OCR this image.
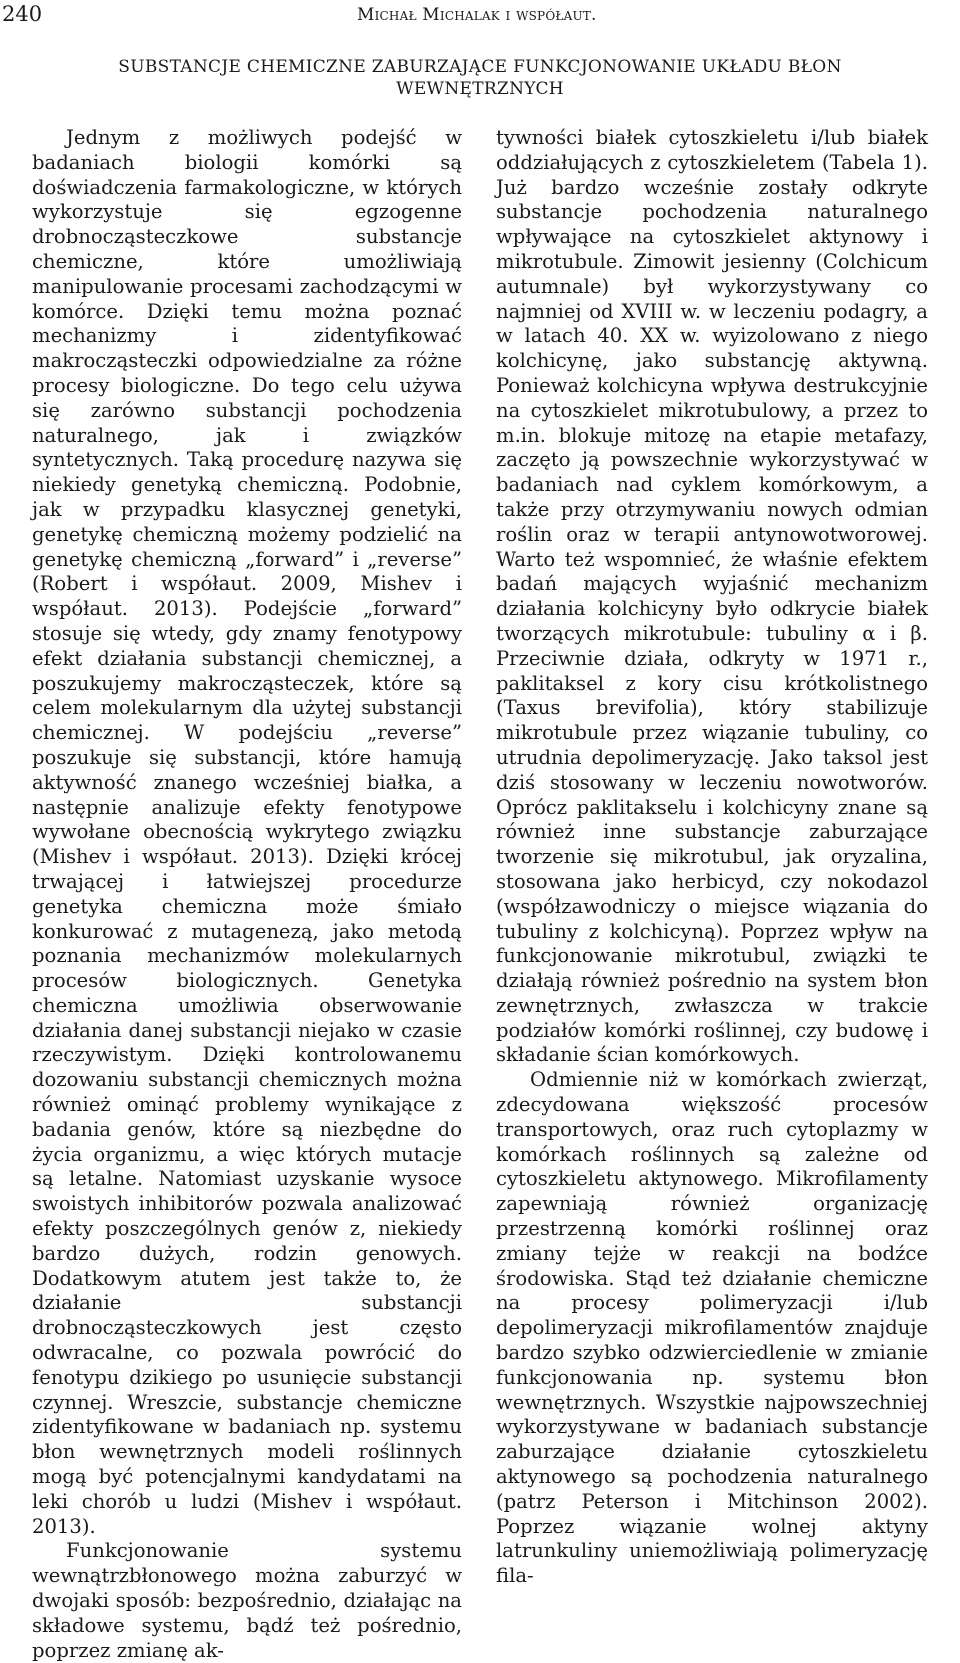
240	Michał Michalak i współaut.
SUBSTANCJE CHEMICZNE ZABURZAJĄCE FUNKCJONOWANIE UKŁADU BŁON
WEWNĘTRZNYCH

Jednym z możliwych podejść w badaniach biologii komórki są doświadczenia farmakologiczne, w których wykorzystuje się egzogenne drobnocząsteczkowe substancje chemiczne, które umożliwiają manipulowanie procesami zachodzącymi w komórce. Dzięki temu można poznać mechanizmy i zidentyfikować makrocząsteczki odpowiedzialne za różne procesy biologiczne. Do tego celu używa się zarówno substancji pochodzenia naturalnego, jak i związków syntetycznych. Taką procedurę nazywa się niekiedy genetyką chemiczną. Podobnie, jak w przypadku klasycznej genetyki, genetykę chemiczną możemy podzielić na genetykę chemiczną „forward” i „reverse” (Robert i współaut. 2009, Mishev i współaut. 2013). Podejście „forward” stosuje się wtedy, gdy znamy fenotypowy efekt działania substancji chemicznej, a poszukujemy makrocząsteczek, które są celem molekularnym dla użytej substancji chemicznej. W podejściu „reverse” poszukuje się substancji, które hamują aktywność znanego wcześniej białka, a następnie analizuje efekty fenotypowe wywołane obecnością wykrytego związku (Mishev i współaut. 2013). Dzięki krócej trwającej i łatwiejszej procedurze genetyka chemiczna może śmiało konkurować z mutagenezą, jako metodą poznania mechanizmów molekularnych procesów biologicznych. Genetyka chemiczna umożliwia obserwowanie działania danej substancji niejako w czasie rzeczywistym. Dzięki kontrolowanemu dozowaniu substancji chemicznych można również ominąć problemy wynikające z badania genów, które są niezbędne do życia organizmu, a więc których mutacje są letalne. Natomiast uzyskanie wysoce swoistych inhibitorów pozwala analizować efekty poszczególnych genów z, niekiedy bardzo dużych, rodzin genowych. Dodatkowym atutem jest także to, że działanie substancji drobnocząsteczkowych jest często odwracalne, co pozwala powrócić do fenotypu dzikiego po usunięcie substancji czynnej. Wreszcie, substancje chemiczne zidentyfikowane w badaniach np. systemu błon wewnętrznych modeli roślinnych mogą być potencjalnymi kandydatami na leki chorób u ludzi (Mishev i współaut. 2013).

Funkcjonowanie systemu wewnątrzbłonowego można zaburzyć w dwojaki sposób: bezpośrednio, działając na składowe systemu, bądź też pośrednio, poprzez zmianę ak-

tywności białek cytoszkieletu i/lub białek oddziałujących z cytoszkieletem (Tabela 1). Już bardzo wcześnie zostały odkryte substancje pochodzenia naturalnego wpływające na cytoszkielet aktynowy i mikrotubule. Zimowit jesienny (Colchicum autumnale) był wykorzystywany co najmniej od XVIII w. w leczeniu podagry, a w latach 40. XX w. wyizolowano z niego kolchicynę, jako substancję aktywną. Ponieważ kolchicyna wpływa destrukcyjnie na cytoszkielet mikrotubulowy, a przez to m.in. blokuje mitozę na etapie metafazy, zaczęto ją powszechnie wykorzystywać w badaniach nad cyklem komórkowym, a także przy otrzymywaniu nowych odmian roślin oraz w terapii antynowotworowej. Warto też wspomnieć, że właśnie efektem badań mających wyjaśnić mechanizm działania kolchicyny było odkrycie białek tworzących mikrotubule: tubuliny α i β. Przeciwnie działa, odkryty w 1971 r., paklitaksel z kory cisu krótkolistnego (Taxus brevifolia), który stabilizuje mikrotubule przez wiązanie tubuliny, co utrudnia depolimeryzację. Jako taksol jest dziś stosowany w leczeniu nowotworów. Oprócz paklitakselu i kolchicyny znane są również inne substancje zaburzające tworzenie się mikrotubul, jak oryzalina, stosowana jako herbicyd, czy nokodazol (współzawodniczy o miejsce wiązania do tubuliny z kolchicyną). Poprzez wpływ na funkcjonowanie mikrotubul, związki te działają również pośrednio na system błon zewnętrznych, zwłaszcza w trakcie podziałów komórki roślinnej, czy budowę i składanie ścian komórkowych.

Odmiennie niż w komórkach zwierząt, zdecydowana większość procesów transportowych, oraz ruch cytoplazmy w komórkach roślinnych są zależne od cytoszkieletu aktynowego. Mikrofilamenty zapewniają również organizację przestrzenną komórki roślinnej oraz zmiany tejże w reakcji na bodźce środowiska. Stąd też działanie chemiczne na procesy polimeryzacji i/lub depolimeryzacji mikrofilamentów znajduje bardzo szybko odzwierciedlenie w zmianie funkcjonowania np. systemu błon wewnętrznych. Wszystkie najpowszechniej wykorzystywane w badaniach substancje zaburzające działanie cytoszkieletu aktynowego są pochodzenia naturalnego (patrz Peterson i Mitchinson 2002). Poprzez wiązanie wolnej aktyny latrunkuliny uniemożliwiają polimeryzację fila-
